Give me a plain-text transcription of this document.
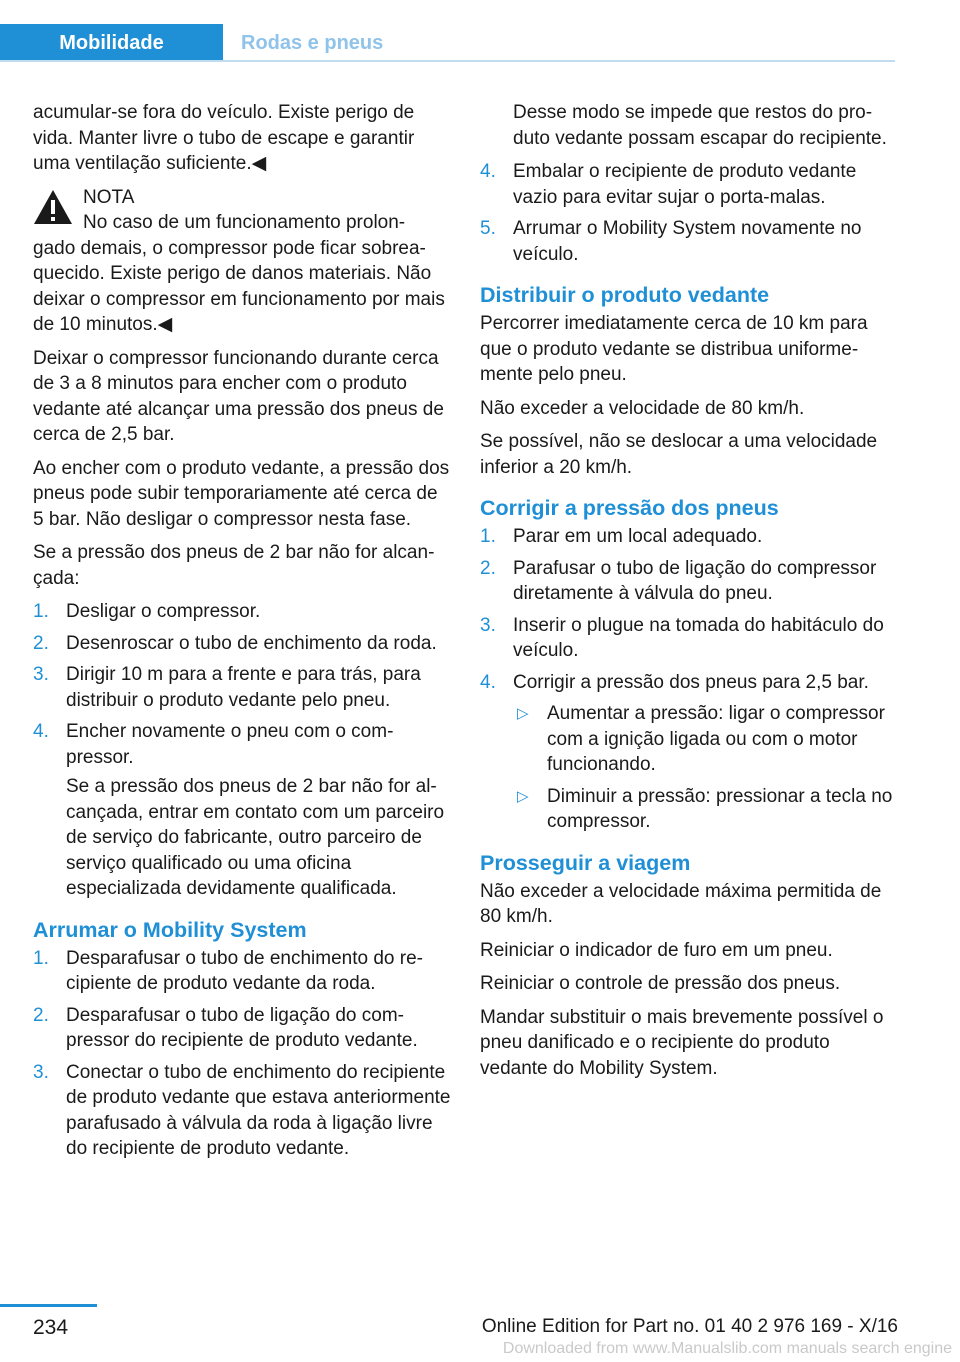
Mobilidade	Rodas e pneus

acumular-se fora do veículo. Existe perigo de vida. Manter livre o tubo de escape e garantir uma ventilação suficiente.◀

NOTA
No caso de um funcionamento prolon-
gado demais, o compressor pode ficar sobreaquecido. Existe perigo de danos materiais. Não deixar o compressor em funcionamento por mais de 10 minutos.◀

Deixar o compressor funcionando durante cerca de 3 a 8 minutos para encher com o produto vedante até alcançar uma pressão dos pneus de cerca de 2,5 bar.

Ao encher com o produto vedante, a pressão dos pneus pode subir temporariamente até cerca de 5 bar. Não desligar o compressor nesta fase.

Se a pressão dos pneus de 2 bar não for alcançada:

1. Desligar o compressor.
2. Desenroscar o tubo de enchimento da roda.
3. Dirigir 10 m para a frente e para trás, para distribuir o produto vedante pelo pneu.
4. Encher novamente o pneu com o compressor.
Se a pressão dos pneus de 2 bar não for alcançada, entrar em contato com um parceiro de serviço do fabricante, outro parceiro de serviço qualificado ou uma oficina especializada devidamente qualificada.
Arrumar o Mobility System
1. Desparafusar o tubo de enchimento do recipiente de produto vedante da roda.
2. Desparafusar o tubo de ligação do compressor do recipiente de produto vedante.
3. Conectar o tubo de enchimento do recipiente de produto vedante que estava anteriormente parafusado à válvula da roda à ligação livre do recipiente de produto vedante.

Desse modo se impede que restos do produto vedante possam escapar do recipiente.

4. Embalar o recipiente de produto vedante vazio para evitar sujar o porta-malas.
5. Arrumar o Mobility System novamente no veículo.
Distribuir o produto vedante

Percorrer imediatamente cerca de 10 km para que o produto vedante se distribua uniformemente pelo pneu.

Não exceder a velocidade de 80 km/h.

Se possível, não se deslocar a uma velocidade inferior a 20 km/h.

Corrigir a pressão dos pneus
1. Parar em um local adequado.
2. Parafusar o tubo de ligação do compressor diretamente à válvula do pneu.
3. Inserir o plugue na tomada do habitáculo do veículo.
4. Corrigir a pressão dos pneus para 2,5 bar.
▷ Aumentar a pressão: ligar o compressor com a ignição ligada ou com o motor funcionando.
▷ Diminuir a pressão: pressionar a tecla no compressor.
Prosseguir a viagem

Não exceder a velocidade máxima permitida de 80 km/h.

Reiniciar o indicador de furo em um pneu.

Reiniciar o controle de pressão dos pneus.

Mandar substituir o mais brevemente possível o pneu danificado e o recipiente do produto vedante do Mobility System.

234	Online Edition for Part no. 01 40 2 976 169 - X/16
Downloaded from www.Manualslib.com manuals search engine
